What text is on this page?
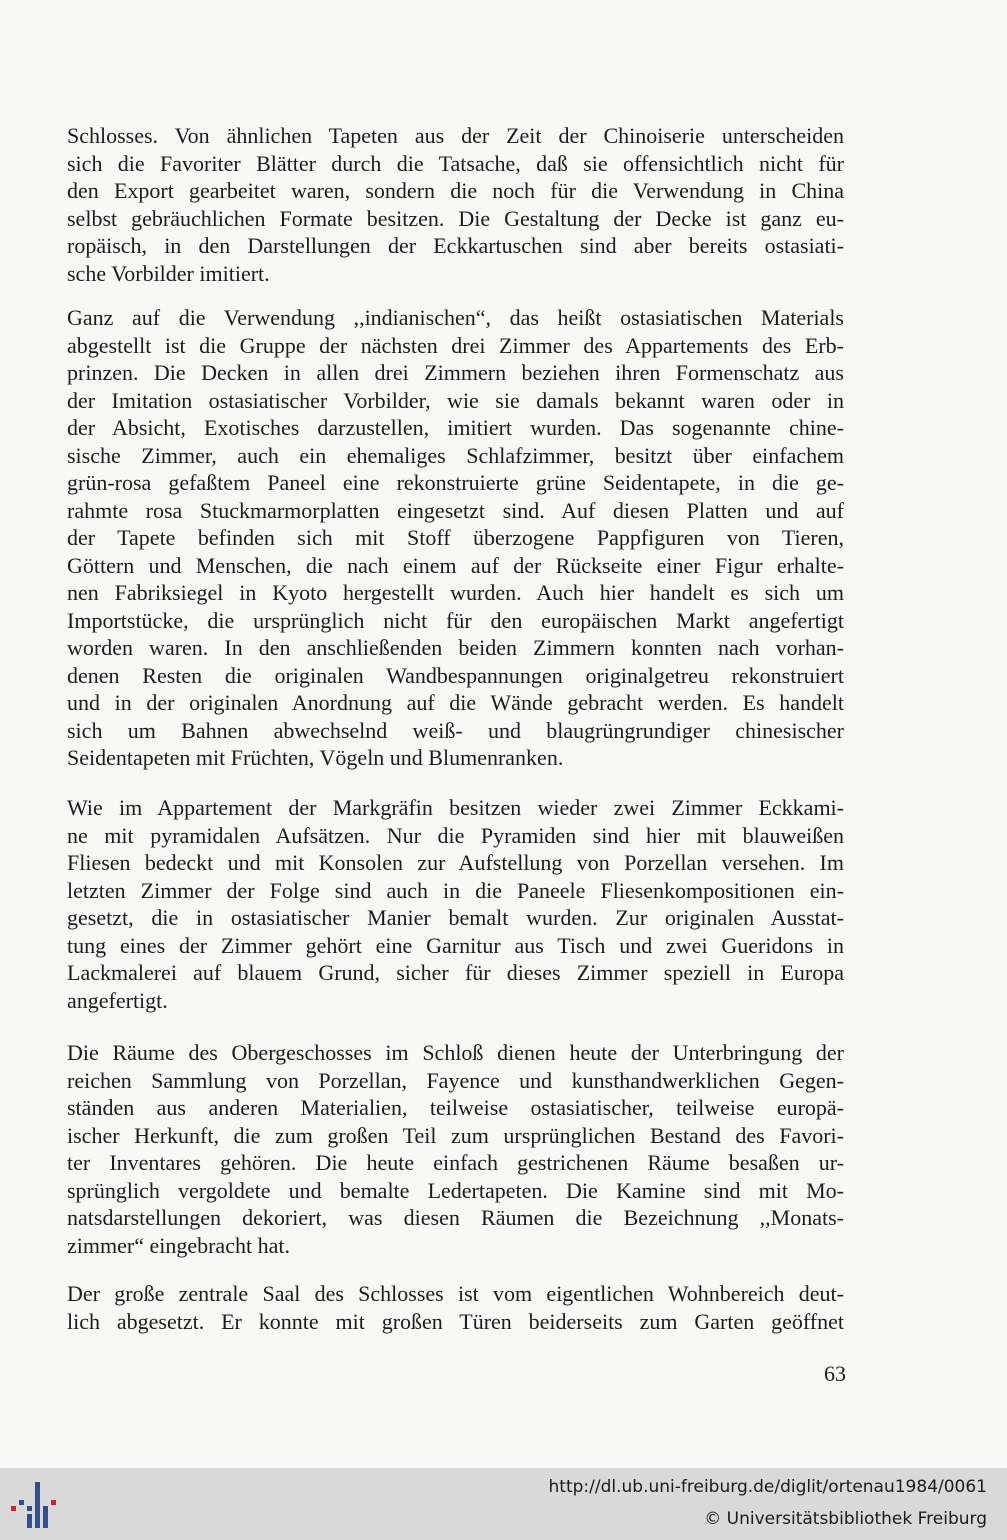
Schlosses. Von ähnlichen Tapeten aus der Zeit der Chinoiserie unterscheiden
sich die Favoriter Blätter durch die Tatsache, daß sie offensichtlich nicht für
den Export gearbeitet waren, sondern die noch für die Verwendung in China
selbst gebräuchlichen Formate besitzen. Die Gestaltung der Decke ist ganz eu-
ropäisch, in den Darstellungen der Eckkartuschen sind aber bereits ostasiati-
sche Vorbilder imitiert.
Ganz auf die Verwendung ,,indianischen“, das heißt ostasiatischen Materials
abgestellt ist die Gruppe der nächsten drei Zimmer des Appartements des Erb-
prinzen. Die Decken in allen drei Zimmern beziehen ihren Formenschatz aus
der Imitation ostasiatischer Vorbilder, wie sie damals bekannt waren oder in
der Absicht, Exotisches darzustellen, imitiert wurden. Das sogenannte chine-
sische Zimmer, auch ein ehemaliges Schlafzimmer, besitzt über einfachem
grün-rosa gefaßtem Paneel eine rekonstruierte grüne Seidentapete, in die ge-
rahmte rosa Stuckmarmorplatten eingesetzt sind. Auf diesen Platten und auf
der Tapete befinden sich mit Stoff überzogene Pappfiguren von Tieren,
Göttern und Menschen, die nach einem auf der Rückseite einer Figur erhalte-
nen Fabriksiegel in Kyoto hergestellt wurden. Auch hier handelt es sich um
Importstücke, die ursprünglich nicht für den europäischen Markt angefertigt
worden waren. In den anschließenden beiden Zimmern konnten nach vorhan-
denen Resten die originalen Wandbespannungen originalgetreu rekonstruiert
und in der originalen Anordnung auf die Wände gebracht werden. Es handelt
sich um Bahnen abwechselnd weiß- und blaugrüngrundiger chinesischer
Seidentapeten mit Früchten, Vögeln und Blumenranken.
Wie im Appartement der Markgräfin besitzen wieder zwei Zimmer Eckkami-
ne mit pyramidalen Aufsätzen. Nur die Pyramiden sind hier mit blauweißen
Fliesen bedeckt und mit Konsolen zur Aufstellung von Porzellan versehen. Im
letzten Zimmer der Folge sind auch in die Paneele Fliesenkompositionen ein-
gesetzt, die in ostasiatischer Manier bemalt wurden. Zur originalen Ausstat-
tung eines der Zimmer gehört eine Garnitur aus Tisch und zwei Gueridons in
Lackmalerei auf blauem Grund, sicher für dieses Zimmer speziell in Europa
angefertigt.
Die Räume des Obergeschosses im Schloß dienen heute der Unterbringung der
reichen Sammlung von Porzellan, Fayence und kunsthandwerklichen Gegen-
ständen aus anderen Materialien, teilweise ostasiatischer, teilweise europä-
ischer Herkunft, die zum großen Teil zum ursprünglichen Bestand des Favori-
ter Inventares gehören. Die heute einfach gestrichenen Räume besaßen ur-
sprünglich vergoldete und bemalte Ledertapeten. Die Kamine sind mit Mo-
natsdarstellungen dekoriert, was diesen Räumen die Bezeichnung ,,Monats-
zimmer“ eingebracht hat.
Der große zentrale Saal des Schlosses ist vom eigentlichen Wohnbereich deut-
lich abgesetzt. Er konnte mit großen Türen beiderseits zum Garten geöffnet
63
http://dl.ub.uni-freiburg.de/diglit/ortenau1984/0061
© Universitätsbibliothek Freiburg
